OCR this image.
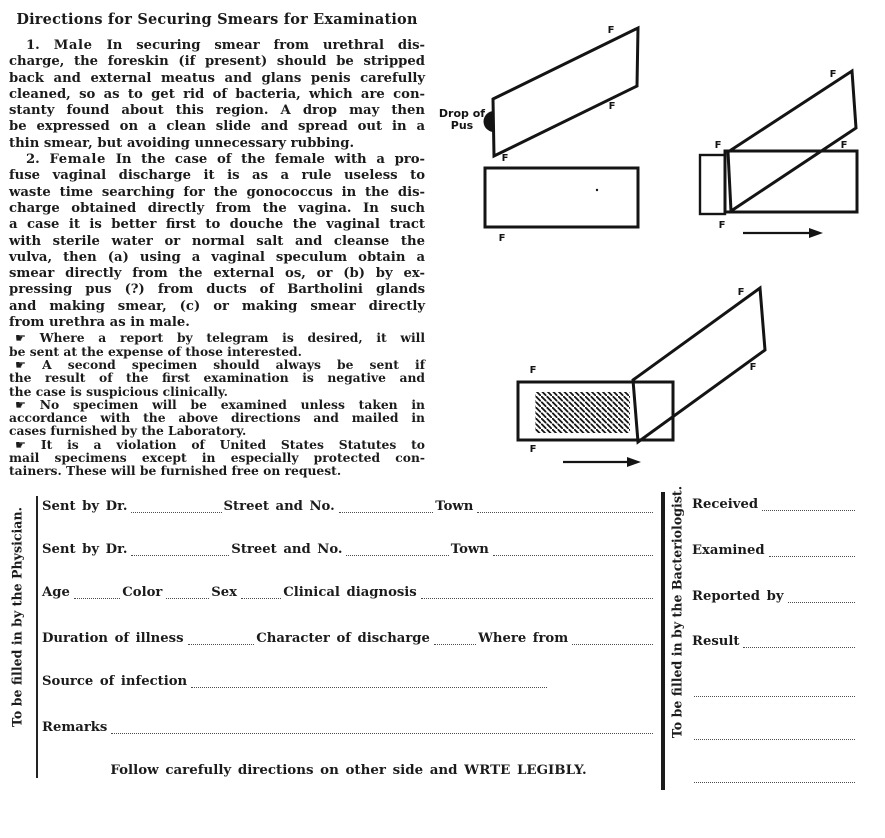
Directions for Securing Smears for Examination
1. Male In securing smear from urethral dis-
charge, the foreskin (if present) should be stripped
back and external meatus and glans penis carefully
cleaned, so as to get rid of bacteria, which are con-
stanty found about this region. A drop may then
be expressed on a clean slide and spread out in a
thin smear, but avoiding unnecessary rubbing.
2. Female In the case of the female with a pro-
fuse vaginal discharge it is as a rule useless to
waste time searching for the gonococcus in the dis-
charge obtained directly from the vagina. In such
a case it is better first to douche the vaginal tract
with sterile water or normal salt and cleanse the
vulva, then (a) using a vaginal speculum obtain a
smear directly from the external os, or (b) by ex-
pressing pus (?) from ducts of Bartholini glands
and making smear, (c) or making smear directly
from urethra as in male.
☛ Where a report by telegram is desired, it will
be sent at the expense of those interested.
☛ A second specimen should always be sent if
the result of the first examination is negative and
the case is suspicious clinically.
☛ No specimen will be examined unless taken in
accordance with the above directions and mailed in
cases furnished by the Laboratory.
☛ It is a violation of United States Statutes to
mail specimens except in especially protected con-
tainers. These will be furnished free on request.
Drop of
Pus
F
F
F
F
F
F
F
F
F
F
F
F
To be filled in by the Physician.
Sent by Dr.	Street and No.	Town
Sent by Dr.	Street and No.	Town
Age	Color	Sex	Clinical diagnosis
Duration of illness	Character of discharge	Where from
Source of infection
Remarks
Follow carefully directions on other side and WRTE LEGIBLY.
To be filled in by the Bacteriologist. Received
Examined
Reported by
Result
